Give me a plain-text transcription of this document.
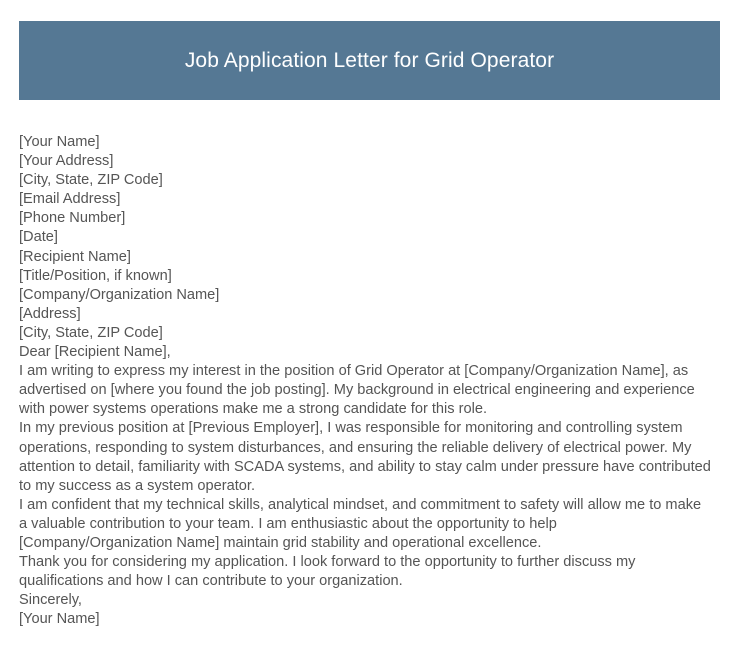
Job Application Letter for Grid Operator
[Your Name]
[Your Address]
[City, State, ZIP Code]
[Email Address]
[Phone Number]
[Date]
[Recipient Name]
[Title/Position, if known]
[Company/Organization Name]
[Address]
[City, State, ZIP Code]
Dear [Recipient Name],

I am writing to express my interest in the position of Grid Operator at [Company/Organization Name], as advertised on [where you found the job posting]. My background in electrical engineering and experience with power systems operations make me a strong candidate for this role.

In my previous position at [Previous Employer], I was responsible for monitoring and controlling system operations, responding to system disturbances, and ensuring the reliable delivery of electrical power. My attention to detail, familiarity with SCADA systems, and ability to stay calm under pressure have contributed to my success as a system operator.

I am confident that my technical skills, analytical mindset, and commitment to safety will allow me to make a valuable contribution to your team. I am enthusiastic about the opportunity to help [Company/Organization Name] maintain grid stability and operational excellence.

Thank you for considering my application. I look forward to the opportunity to further discuss my qualifications and how I can contribute to your organization.

Sincerely,
[Your Name]
